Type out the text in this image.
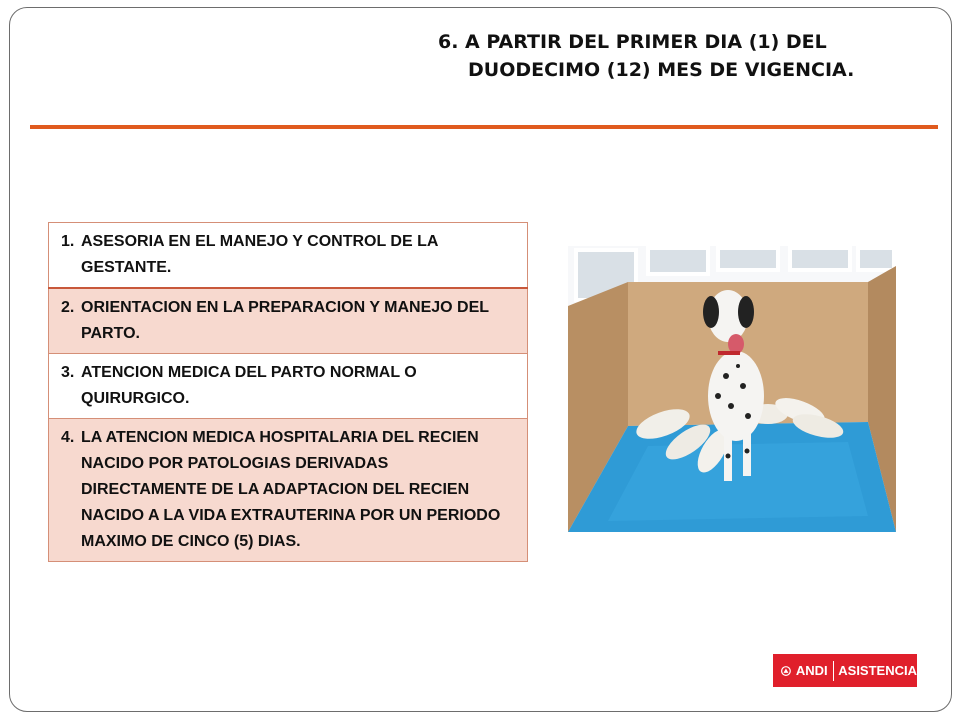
6. A PARTIR DEL PRIMER DIA (1) DEL
DUODECIMO (12) MES DE VIGENCIA.
1. ASESORIA EN EL MANEJO Y CONTROL DE LA GESTANTE.

2. ORIENTACION EN LA PREPARACION Y MANEJO DEL PARTO.

3. ATENCION MEDICA DEL PARTO NORMAL O QUIRURGICO.

4. LA ATENCION MEDICA HOSPITALARIA DEL RECIEN NACIDO POR PATOLOGIAS DERIVADAS DIRECTAMENTE DE LA ADAPTACION DEL RECIEN NACIDO A LA VIDA EXTRAUTERINA POR UN PERIODO MAXIMO DE CINCO (5) DIAS.
ANDI ASISTENCIA
